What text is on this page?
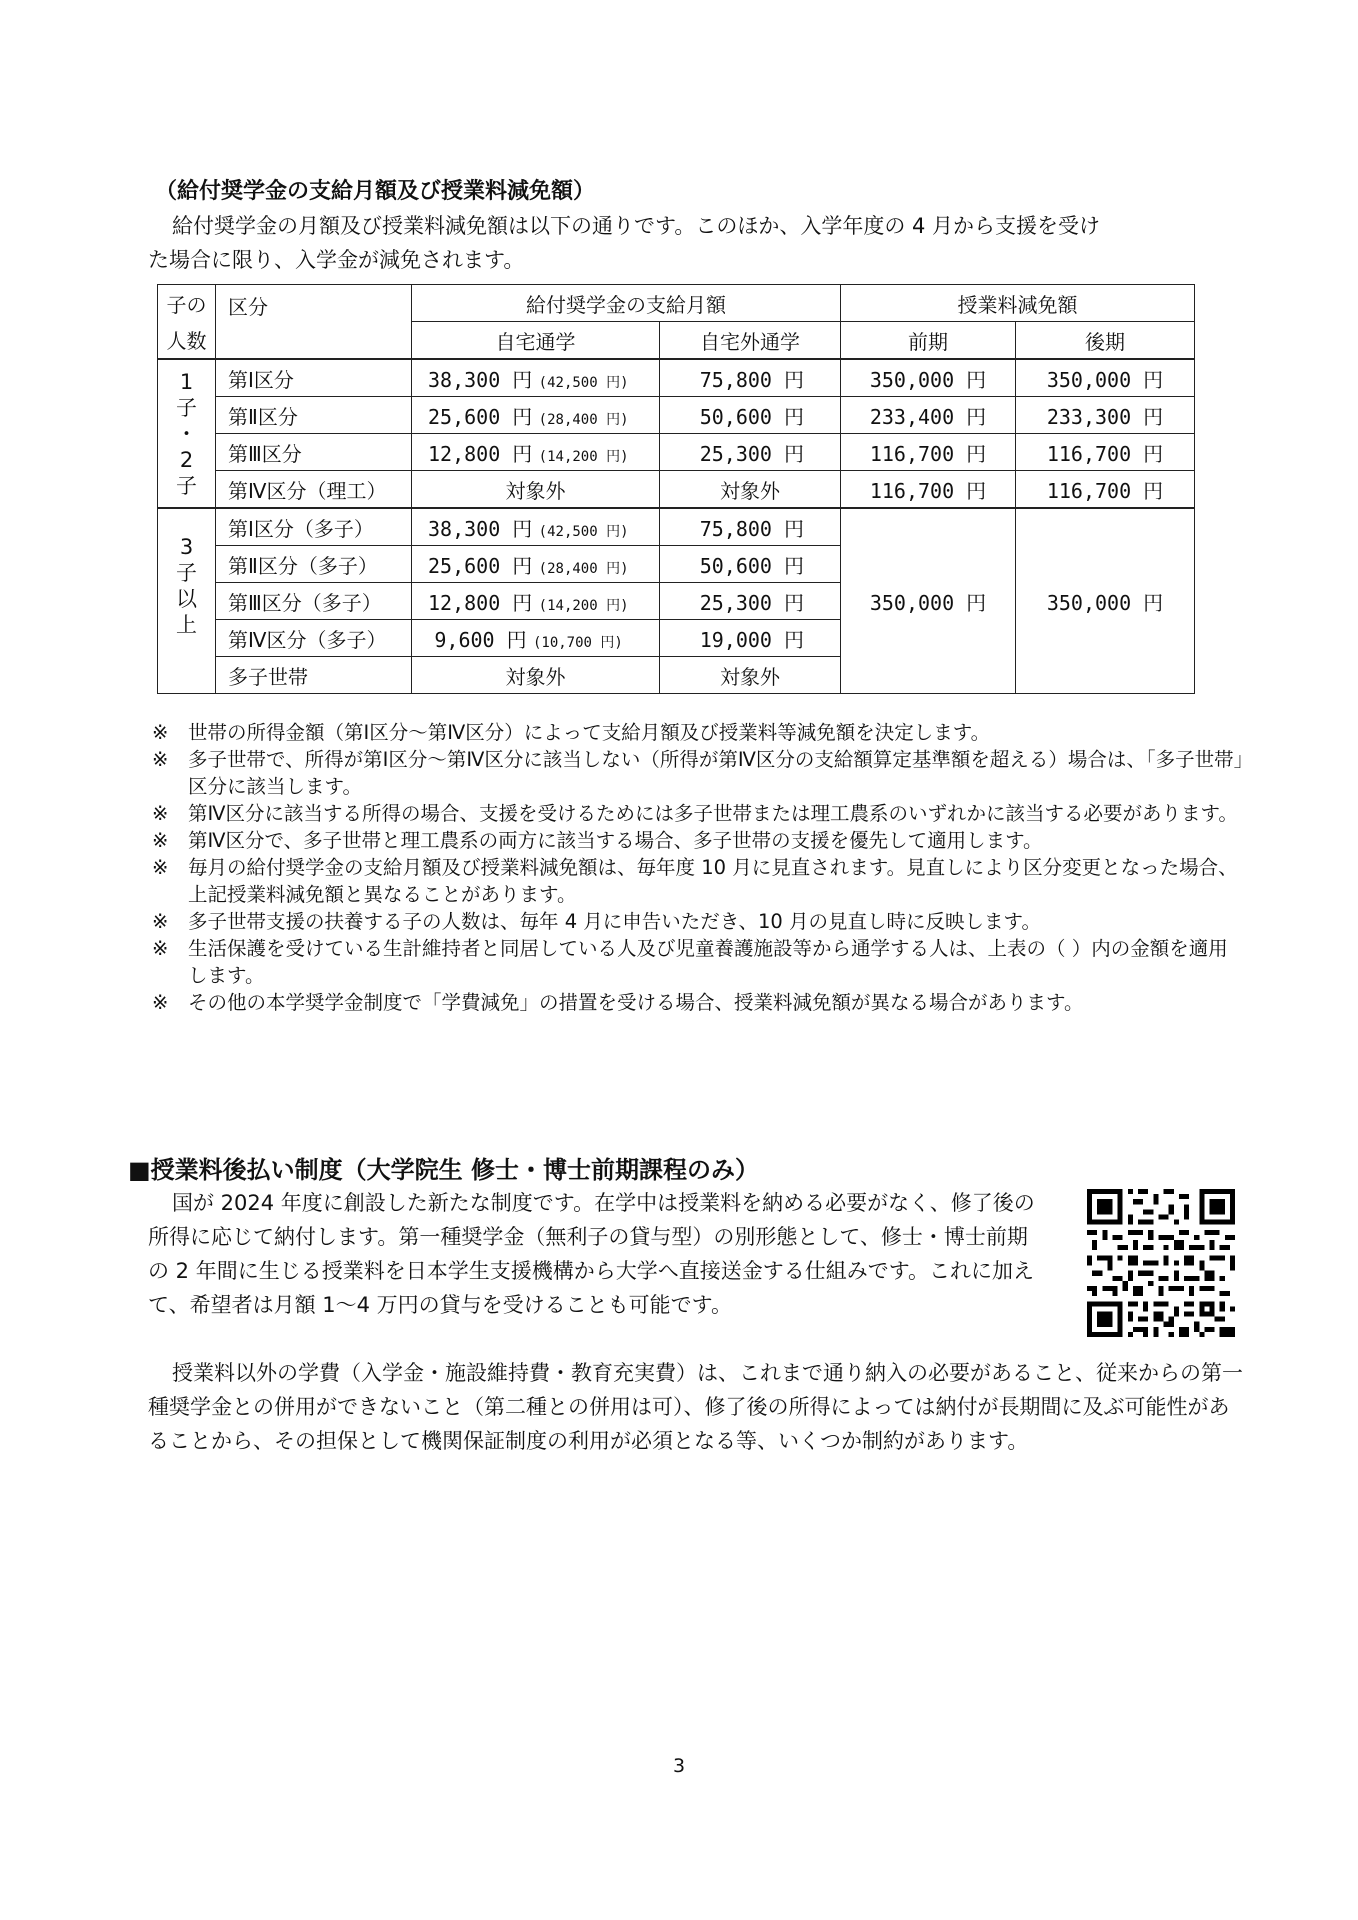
（給付奨学金の支給月額及び授業料減免額）
給付奨学金の月額及び授業料減免額は以下の通りです。このほか、入学年度の 4 月から支援を受け
た場合に限り、入学金が減免されます。
子の	区分	給付奨学金の支給月額		授業料減免額	
人数		自宅通学	自宅外通学	前期	後期

1
子
・
2
子	第Ⅰ区分	38,300 円 (42,500 円)	75,800 円	350,000 円	350,000 円
	第Ⅱ区分	25,600 円 (28,400 円)	50,600 円	233,400 円	233,300 円
	第Ⅲ区分	12,800 円 (14,200 円)	25,300 円	116,700 円	116,700 円
	第Ⅳ区分（理工）	対象外	対象外	116,700 円	116,700 円

3
子
以
上	第Ⅰ区分（多子）	38,300 円 (42,500 円)	75,800 円	350,000 円	350,000 円
	第Ⅱ区分（多子）	25,600 円 (28,400 円)	50,600 円		
	第Ⅲ区分（多子）	12,800 円 (14,200 円)	25,300 円		
	第Ⅳ区分（多子）	9,600 円 (10,700 円)	19,000 円		
	多子世帯	対象外	対象外		
※ 世帯の所得金額（第Ⅰ区分～第Ⅳ区分）によって支給月額及び授業料等減免額を決定します。
※ 多子世帯で、所得が第Ⅰ区分～第Ⅳ区分に該当しない（所得が第Ⅳ区分の支給額算定基準額を超える）場合は、「多子世帯」区分に該当します。
※ 第Ⅳ区分に該当する所得の場合、支援を受けるためには多子世帯または理工農系のいずれかに該当する必要があります。
※ 第Ⅳ区分で、多子世帯と理工農系の両方に該当する場合、多子世帯の支援を優先して適用します。
※ 毎月の給付奨学金の支給月額及び授業料減免額は、毎年度 10 月に見直されます。見直しにより区分変更となった場合、上記授業料減免額と異なることがあります。
※ 多子世帯支援の扶養する子の人数は、毎年 4 月に申告いただき、10 月の見直し時に反映します。
※ 生活保護を受けている生計維持者と同居している人及び児童養護施設等から通学する人は、上表の（ ）内の金額を適用します。
※ その他の本学奨学金制度で「学費減免」の措置を受ける場合、授業料減免額が異なる場合があります。
■授業料後払い制度（大学院生 修士・博士前期課程のみ）
国が 2024 年度に創設した新たな制度です。在学中は授業料を納める必要がなく、修了後の所得に応じて納付します。第一種奨学金（無利子の貸与型）の別形態として、修士・博士前期の 2 年間に生じる授業料を日本学生支援機構から大学へ直接送金する仕組みです。これに加えて、希望者は月額 1～4 万円の貸与を受けることも可能です。
授業料以外の学費（入学金・施設維持費・教育充実費）は、これまで通り納入の必要があること、従来からの第一種奨学金との併用ができないこと（第二種との併用は可）、修了後の所得によっては納付が長期間に及ぶ可能性があることから、その担保として機関保証制度の利用が必須となる等、いくつか制約があります。
3
